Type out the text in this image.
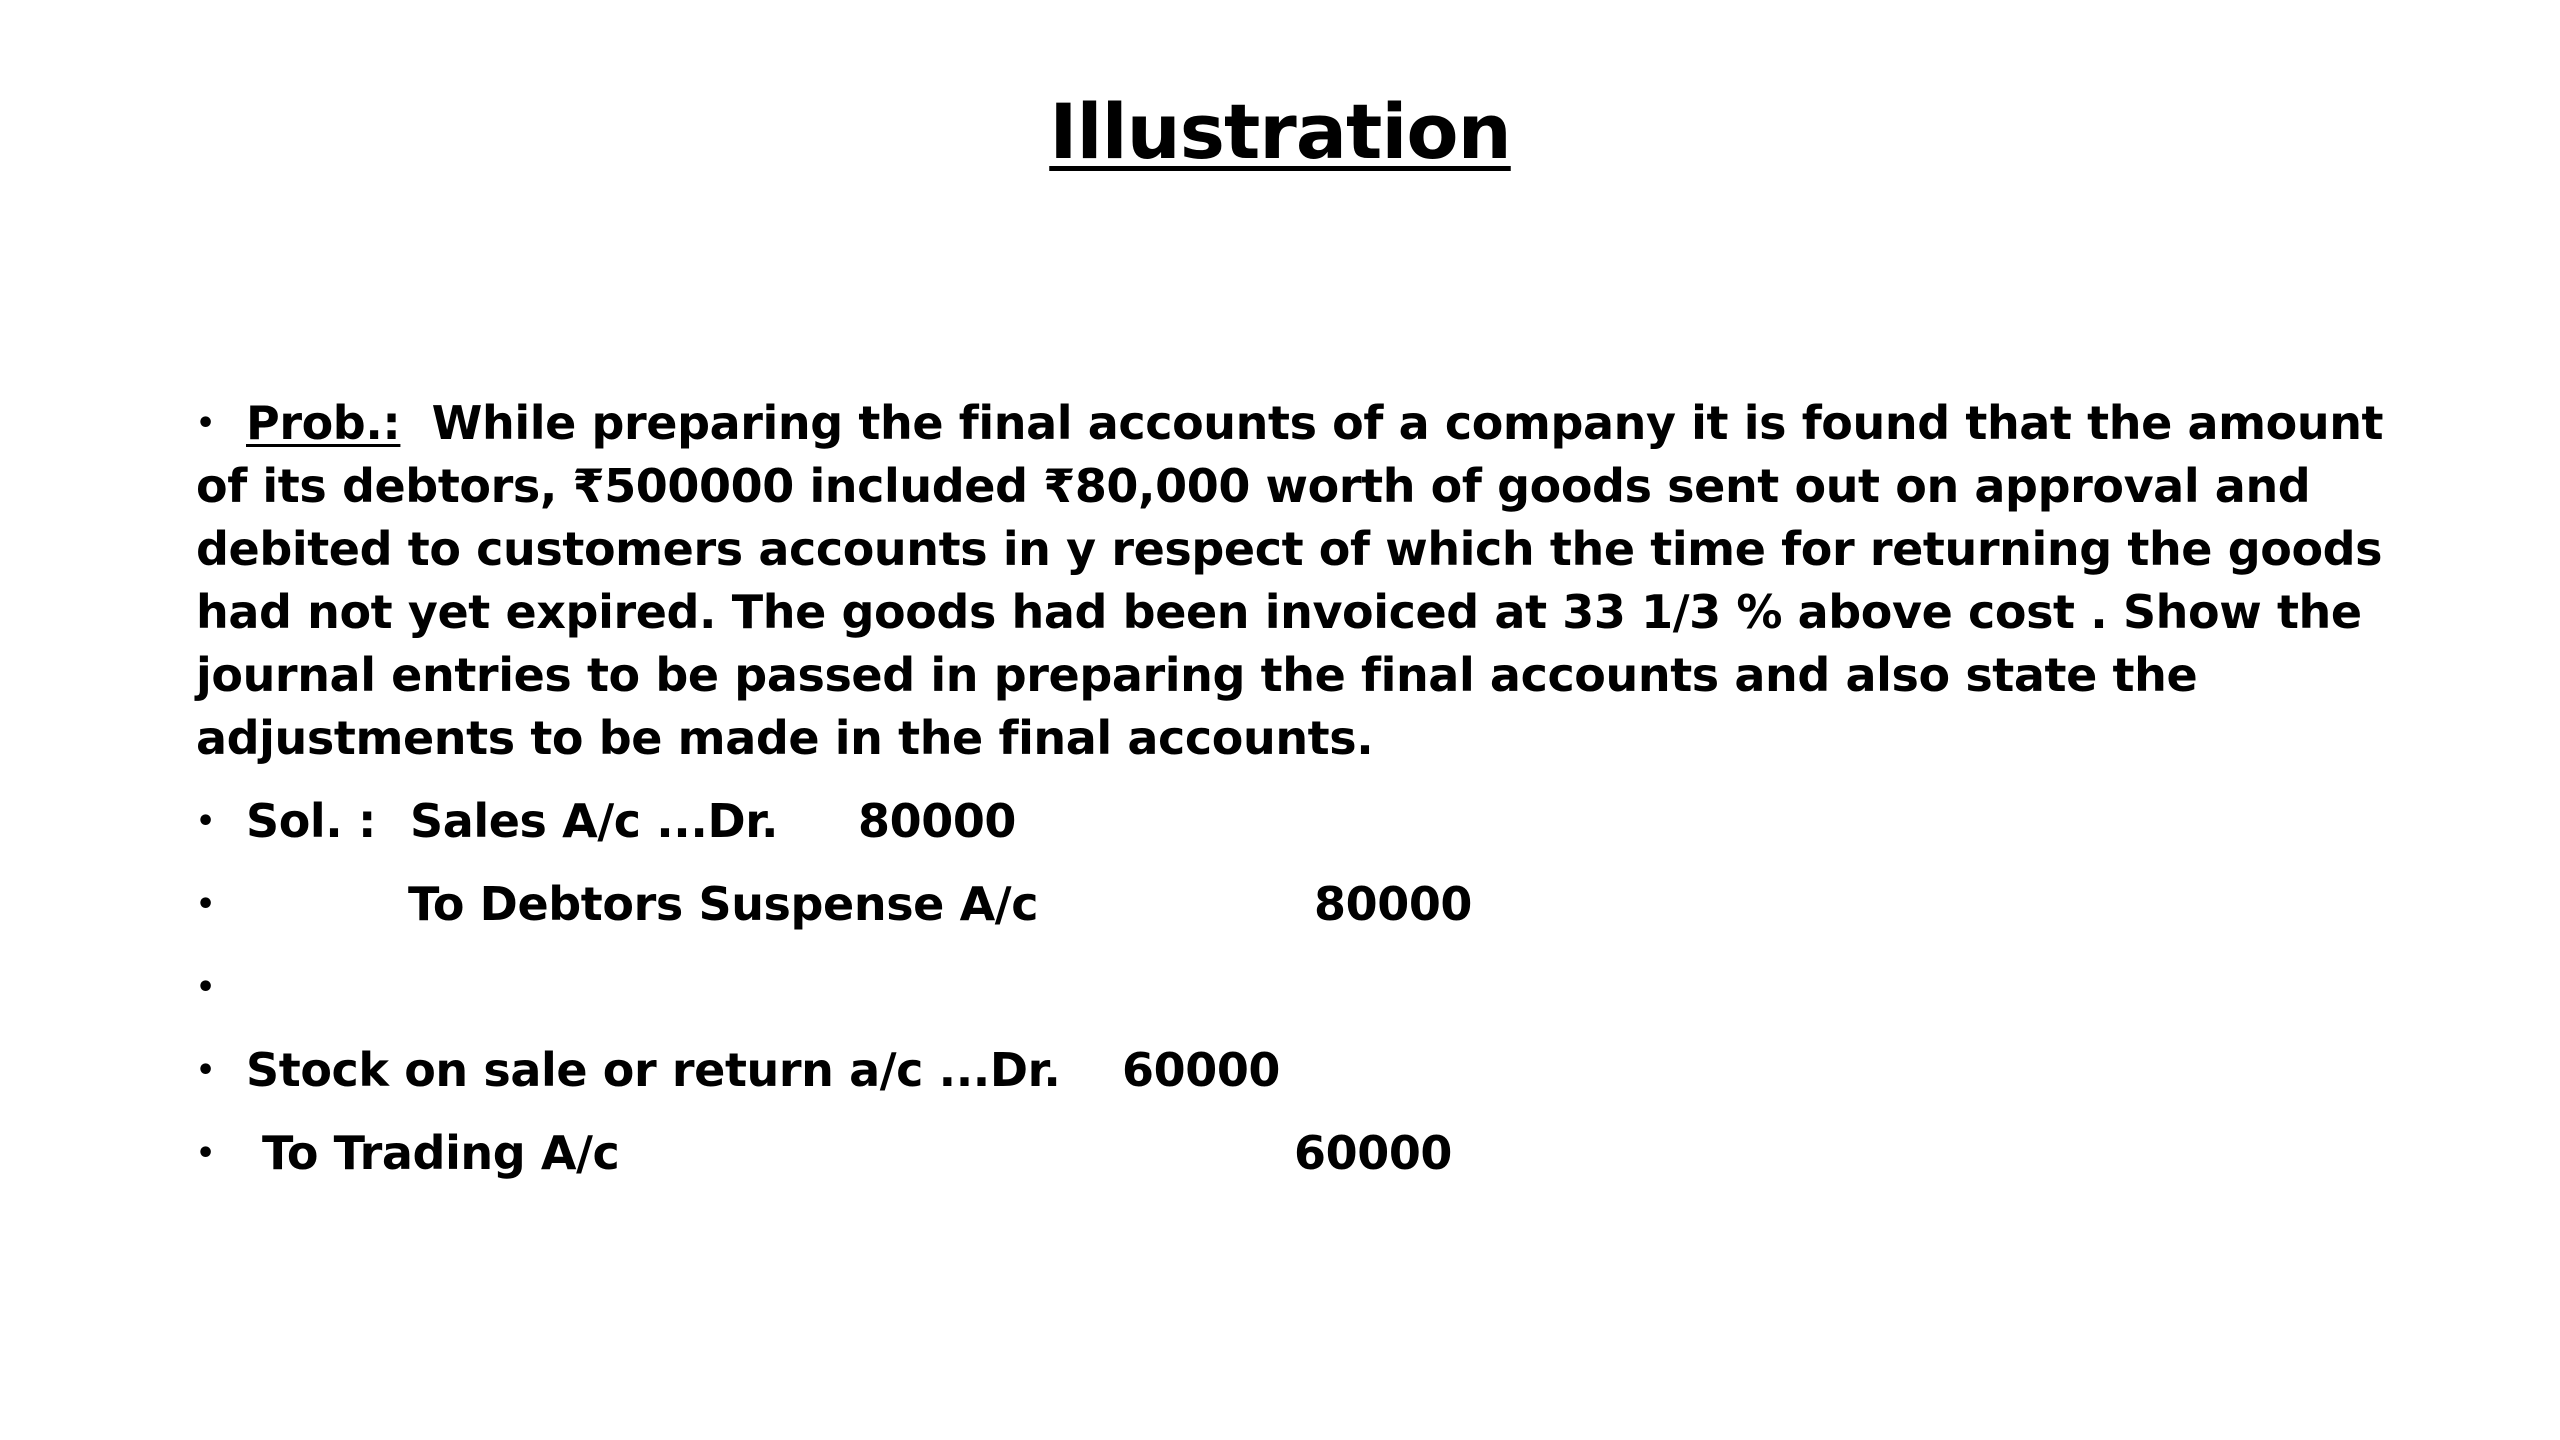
Illustration
• Prob.: While preparing the final accounts of a company it is found that the amount of its debtors, ₹500000 included ₹80,000 worth of goods sent out on approval and debited to customers accounts in y respect of which the time for returning the goods had not yet expired. The goods had been invoiced at 33 1/3 % above cost . Show the journal entries to be passed in preparing the final accounts and also state the adjustments to be made in the final accounts.
• Sol. : Sales A/c ...Dr. 80000
•	To Debtors Suspense A/c	80000
•
• Stock on sale or return a/c ...Dr. 60000
•	To Trading A/c	60000
